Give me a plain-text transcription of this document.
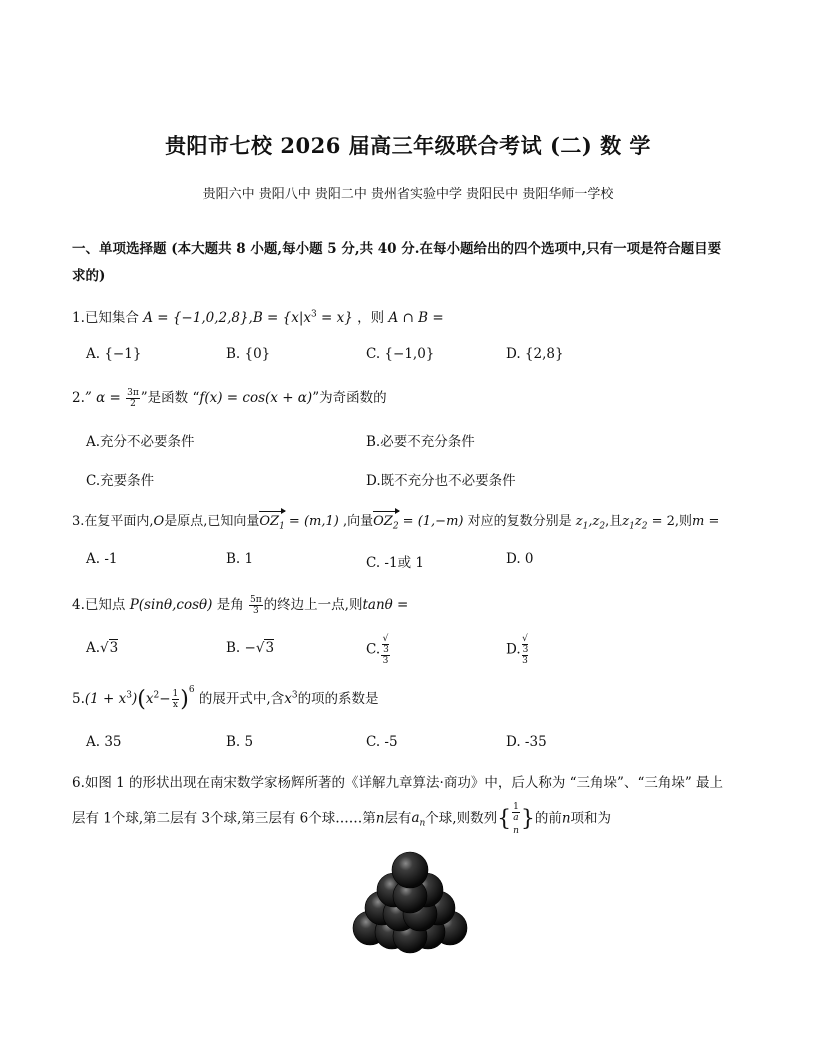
贵阳市七校 2026 届高三年级联合考试 (二) 数 学
贵阳六中 贵阳八中 贵阳二中 贵州省实验中学 贵阳民中 贵阳华师一学校
一、单项选择题 (本大题共 8 小题,每小题 5 分,共 40 分.在每小题给出的四个选项中,只有一项是符合题目要
求的)
1.已知集合 $A = \{-1,0,2,8\},B = \{x|x^3 = x\}$ ，则 A ∩ B =
A. {−1}	B. {0}	C. {−1,0}	D. {2,8}
2.” $\alpha = \frac{3\pi}{2}$ ”是函数 “f(x) = cos(x + α)”为奇函数的
A.充分不必要条件	B.必要不充分条件
C.充要条件	D.既不充分也不必要条件
3.在复平面内,O是原点,已知向量$OZ_1 = (m,1)$ ,向量$OZ_2 = (1,-m)$ 对应的复数分别是 $z_1,z_2$,且$z_1z_2 = 2$,则m =
A. -1	B. 1	C. -1或 1	D. 0
4.已知点 P(sinθ,cosθ) 是角 $\frac{5\pi}{3}$ 的终边上一点,则tanθ =
A.√3	B. −√3	C. √
3
3	D. √
3
3
$5.(1 + x^3)(x^2- \frac{1}{x} )^6$ 的展开式中,含$x^3$的项的系数是
A. 35	B. 5	C. -5	D. -35
6.如图 1 的形状出现在南宋数学家杨辉所著的《详解九章算法·商功》中，后人称为 “三角垛”、“三角垛” 最上
层有 1个球,第二层有 3个球,第三层有 6个球……第n层有$a_n$个球,则数列{ 1
a
$_n$ }的前n项和为
